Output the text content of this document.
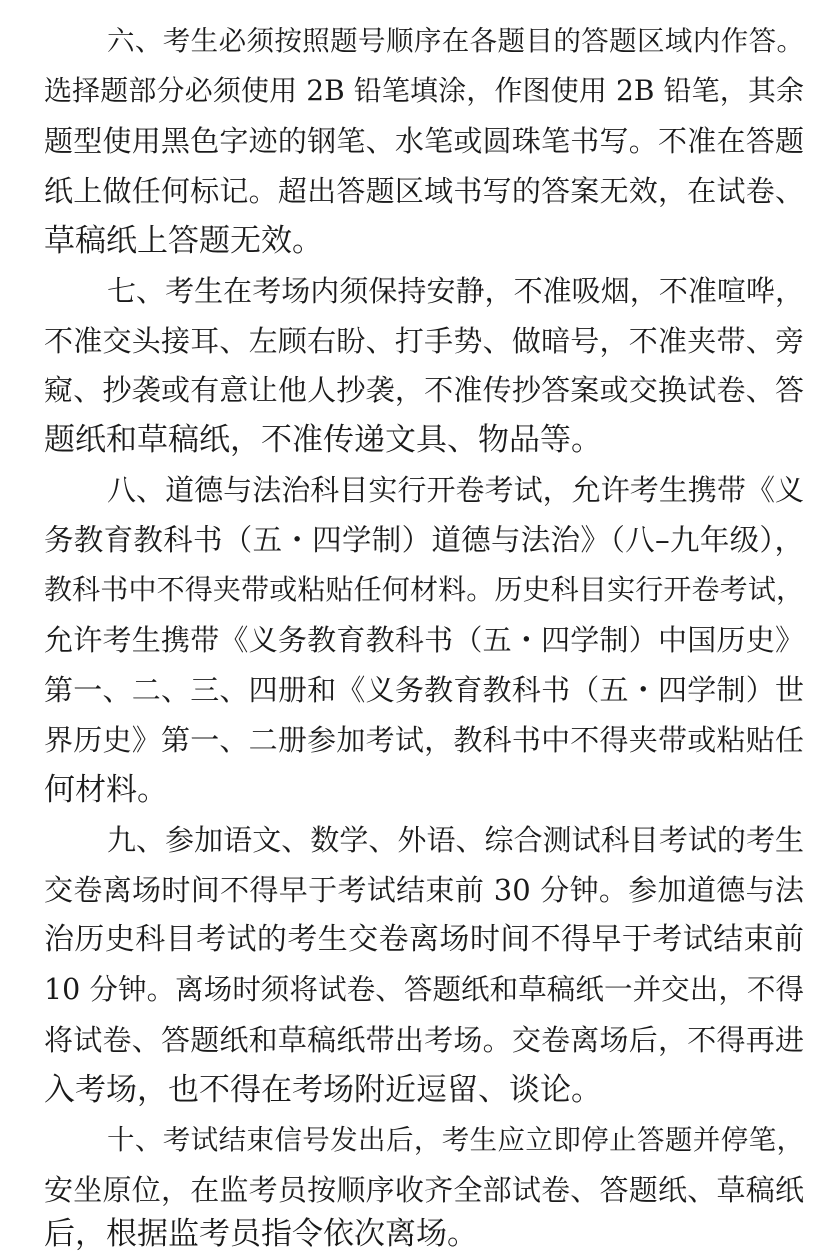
六、考生必须按照题号顺序在各题目的答题区域内作答。
选择题部分必须使用 2B 铅笔填涂，作图使用 2B 铅笔，其余
题型使用黑色字迹的钢笔、水笔或圆珠笔书写。不准在答题
纸上做任何标记。超出答题区域书写的答案无效，在试卷、
草稿纸上答题无效。
七、考生在考场内须保持安静，不准吸烟，不准喧哗，
不准交头接耳、左顾右盼、打手势、做暗号，不准夹带、旁
窥、抄袭或有意让他人抄袭，不准传抄答案或交换试卷、答
题纸和草稿纸，不准传递文具、物品等。
八、道德与法治科目实行开卷考试，允许考生携带《义
务教育教科书（五・四学制）道德与法治》（八–九年级），
教科书中不得夹带或粘贴任何材料。历史科目实行开卷考试，
允许考生携带《义务教育教科书（五・四学制）中国历史》
第一、二、三、四册和《义务教育教科书（五・四学制）世
界历史》第一、二册参加考试，教科书中不得夹带或粘贴任
何材料。
九、参加语文、数学、外语、综合测试科目考试的考生
交卷离场时间不得早于考试结束前 30 分钟。参加道德与法
治历史科目考试的考生交卷离场时间不得早于考试结束前
10 分钟。离场时须将试卷、答题纸和草稿纸一并交出，不得
将试卷、答题纸和草稿纸带出考场。交卷离场后，不得再进
入考场，也不得在考场附近逗留、谈论。
十、考试结束信号发出后，考生应立即停止答题并停笔，
安坐原位，在监考员按顺序收齐全部试卷、答题纸、草稿纸
后，根据监考员指令依次离场。
